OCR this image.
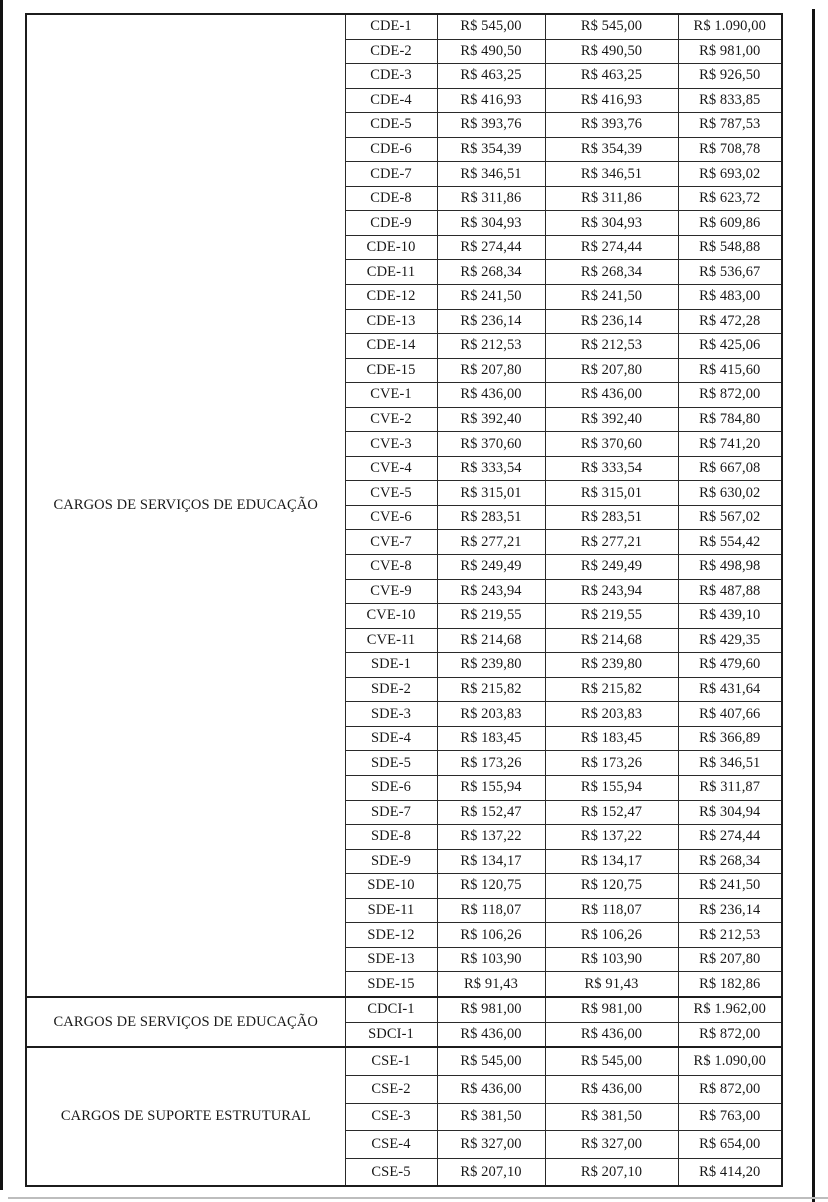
CARGOS DE SERVIÇOS DE EDUCAÇÃO	CDE-1	R$ 545,00	R$ 545,00	R$ 1.090,00
	CDE-2	R$ 490,50	R$ 490,50	R$ 981,00
	CDE-3	R$ 463,25	R$ 463,25	R$ 926,50
	CDE-4	R$ 416,93	R$ 416,93	R$ 833,85
	CDE-5	R$ 393,76	R$ 393,76	R$ 787,53
	CDE-6	R$ 354,39	R$ 354,39	R$ 708,78
	CDE-7	R$ 346,51	R$ 346,51	R$ 693,02
	CDE-8	R$ 311,86	R$ 311,86	R$ 623,72
	CDE-9	R$ 304,93	R$ 304,93	R$ 609,86
	CDE-10	R$ 274,44	R$ 274,44	R$ 548,88
	CDE-11	R$ 268,34	R$ 268,34	R$ 536,67
	CDE-12	R$ 241,50	R$ 241,50	R$ 483,00
	CDE-13	R$ 236,14	R$ 236,14	R$ 472,28
	CDE-14	R$ 212,53	R$ 212,53	R$ 425,06
	CDE-15	R$ 207,80	R$ 207,80	R$ 415,60
	CVE-1	R$ 436,00	R$ 436,00	R$ 872,00
	CVE-2	R$ 392,40	R$ 392,40	R$ 784,80
	CVE-3	R$ 370,60	R$ 370,60	R$ 741,20
	CVE-4	R$ 333,54	R$ 333,54	R$ 667,08
	CVE-5	R$ 315,01	R$ 315,01	R$ 630,02
	CVE-6	R$ 283,51	R$ 283,51	R$ 567,02
	CVE-7	R$ 277,21	R$ 277,21	R$ 554,42
	CVE-8	R$ 249,49	R$ 249,49	R$ 498,98
	CVE-9	R$ 243,94	R$ 243,94	R$ 487,88
	CVE-10	R$ 219,55	R$ 219,55	R$ 439,10
	CVE-11	R$ 214,68	R$ 214,68	R$ 429,35
	SDE-1	R$ 239,80	R$ 239,80	R$ 479,60
	SDE-2	R$ 215,82	R$ 215,82	R$ 431,64
	SDE-3	R$ 203,83	R$ 203,83	R$ 407,66
	SDE-4	R$ 183,45	R$ 183,45	R$ 366,89
	SDE-5	R$ 173,26	R$ 173,26	R$ 346,51
	SDE-6	R$ 155,94	R$ 155,94	R$ 311,87
	SDE-7	R$ 152,47	R$ 152,47	R$ 304,94
	SDE-8	R$ 137,22	R$ 137,22	R$ 274,44
	SDE-9	R$ 134,17	R$ 134,17	R$ 268,34
	SDE-10	R$ 120,75	R$ 120,75	R$ 241,50
	SDE-11	R$ 118,07	R$ 118,07	R$ 236,14
	SDE-12	R$ 106,26	R$ 106,26	R$ 212,53
	SDE-13	R$ 103,90	R$ 103,90	R$ 207,80
	SDE-15	R$ 91,43	R$ 91,43	R$ 182,86
CARGOS DE SERVIÇOS DE EDUCAÇÃO	CDCI-1	R$ 981,00	R$ 981,00	R$ 1.962,00
	SDCI-1	R$ 436,00	R$ 436,00	R$ 872,00
CARGOS DE SUPORTE ESTRUTURAL	CSE-1	R$ 545,00	R$ 545,00	R$ 1.090,00
	CSE-2	R$ 436,00	R$ 436,00	R$ 872,00
	CSE-3	R$ 381,50	R$ 381,50	R$ 763,00
	CSE-4	R$ 327,00	R$ 327,00	R$ 654,00
	CSE-5	R$ 207,10	R$ 207,10	R$ 414,20
